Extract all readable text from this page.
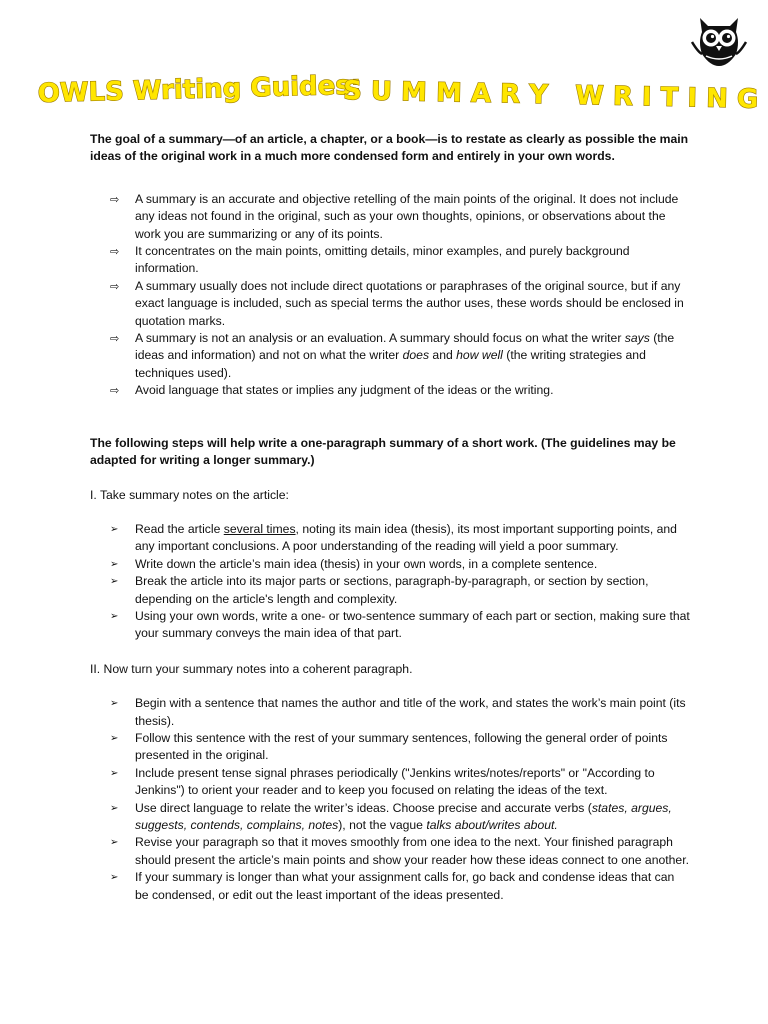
OWLS Writing Guides:
S U M M A R Y   W R I T I N G

The goal of a summary—of an article, a chapter, or a book—is to restate as clearly as possible the main ideas of the original work in a much more condensed form and entirely in your own words.

⇨	A summary is an accurate and objective retelling of the main points of the original. It does not include any ideas not found in the original, such as your own thoughts, opinions, or observations about the work you are summarizing or any of its points.
⇨	It concentrates on the main points, omitting details, minor examples, and purely background information.
⇨	A summary usually does not include direct quotations or paraphrases of the original source, but if any exact language is included, such as special terms the author uses, these words should be enclosed in quotation marks.
⇨	A summary is not an analysis or an evaluation. A summary should focus on what the writer says (the ideas and information) and not on what the writer does and how well (the writing strategies and techniques used).
⇨	Avoid language that states or implies any judgment of the ideas or the writing.

The following steps will help write a one-paragraph summary of a short work. (The guidelines may be adapted for writing a longer summary.)

I. Take summary notes on the article:

➢	Read the article several times, noting its main idea (thesis), its most important supporting points, and any important conclusions. A poor understanding of the reading will yield a poor summary.
➢	Write down the article’s main idea (thesis) in your own words, in a complete sentence.
➢	Break the article into its major parts or sections, paragraph-by-paragraph, or section by section, depending on the article's length and complexity.
➢	Using your own words, write a one- or two-sentence summary of each part or section, making sure that your summary conveys the main idea of that part.

II. Now turn your summary notes into a coherent paragraph.

➢	Begin with a sentence that names the author and title of the work, and states the work’s main point (its thesis).
➢	Follow this sentence with the rest of your summary sentences, following the general order of points presented in the original.
➢	Include present tense signal phrases periodically ("Jenkins writes/notes/reports" or "According to Jenkins") to orient your reader and to keep you focused on relating the ideas of the text.
➢	Use direct language to relate the writer’s ideas. Choose precise and accurate verbs (states, argues, suggests, contends, complains, notes), not the vague talks about/writes about.
➢	Revise your paragraph so that it moves smoothly from one idea to the next. Your finished paragraph should present the article’s main points and show your reader how these ideas connect to one another.
➢	If your summary is longer than what your assignment calls for, go back and condense ideas that can be condensed, or edit out the least important of the ideas presented.
